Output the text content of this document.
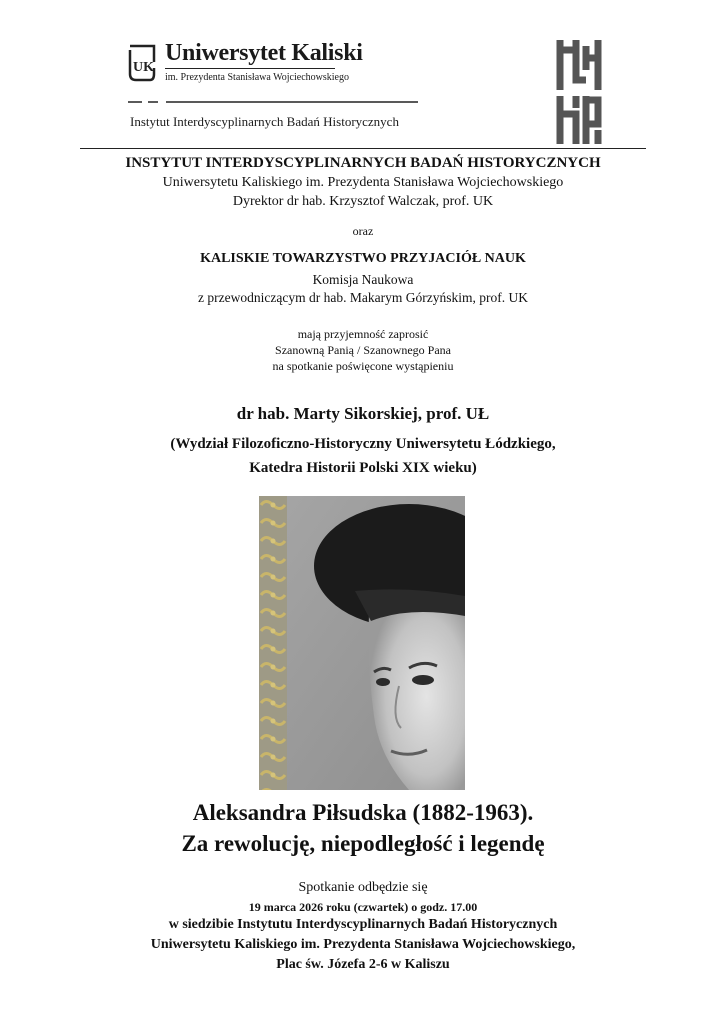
UK
Uniwersytet Kaliski
im. Prezydenta Stanisława Wojciechowskiego
Instytut Interdyscyplinarnych Badań Historycznych
INSTYTUT INTERDYSCYPLINARNYCH BADAŃ HISTORYCZNYCH
Uniwersytetu Kaliskiego im. Prezydenta Stanisława Wojciechowskiego
Dyrektor dr hab. Krzysztof Walczak, prof. UK
oraz
KALISKIE TOWARZYSTWO PRZYJACIÓŁ NAUK
Komisja Naukowa
z przewodniczącym dr hab. Makarym Górzyńskim, prof. UK
mają przyjemność zaprosić
Szanowną Panią / Szanownego Pana
na spotkanie poświęcone wystąpieniu
dr hab. Marty Sikorskiej, prof. UŁ
(Wydział Filozoficzno-Historyczny Uniwersytetu Łódzkiego,
Katedra Historii Polski XIX wieku)
Aleksandra Piłsudska (1882-1963).
Za rewolucję, niepodległość i legendę
Spotkanie odbędzie się
19 marca 2026 roku (czwartek) o godz. 17.00
w siedzibie Instytutu Interdyscyplinarnych Badań Historycznych
Uniwersytetu Kaliskiego im. Prezydenta Stanisława Wojciechowskiego,
Plac św. Józefa 2-6 w Kaliszu
